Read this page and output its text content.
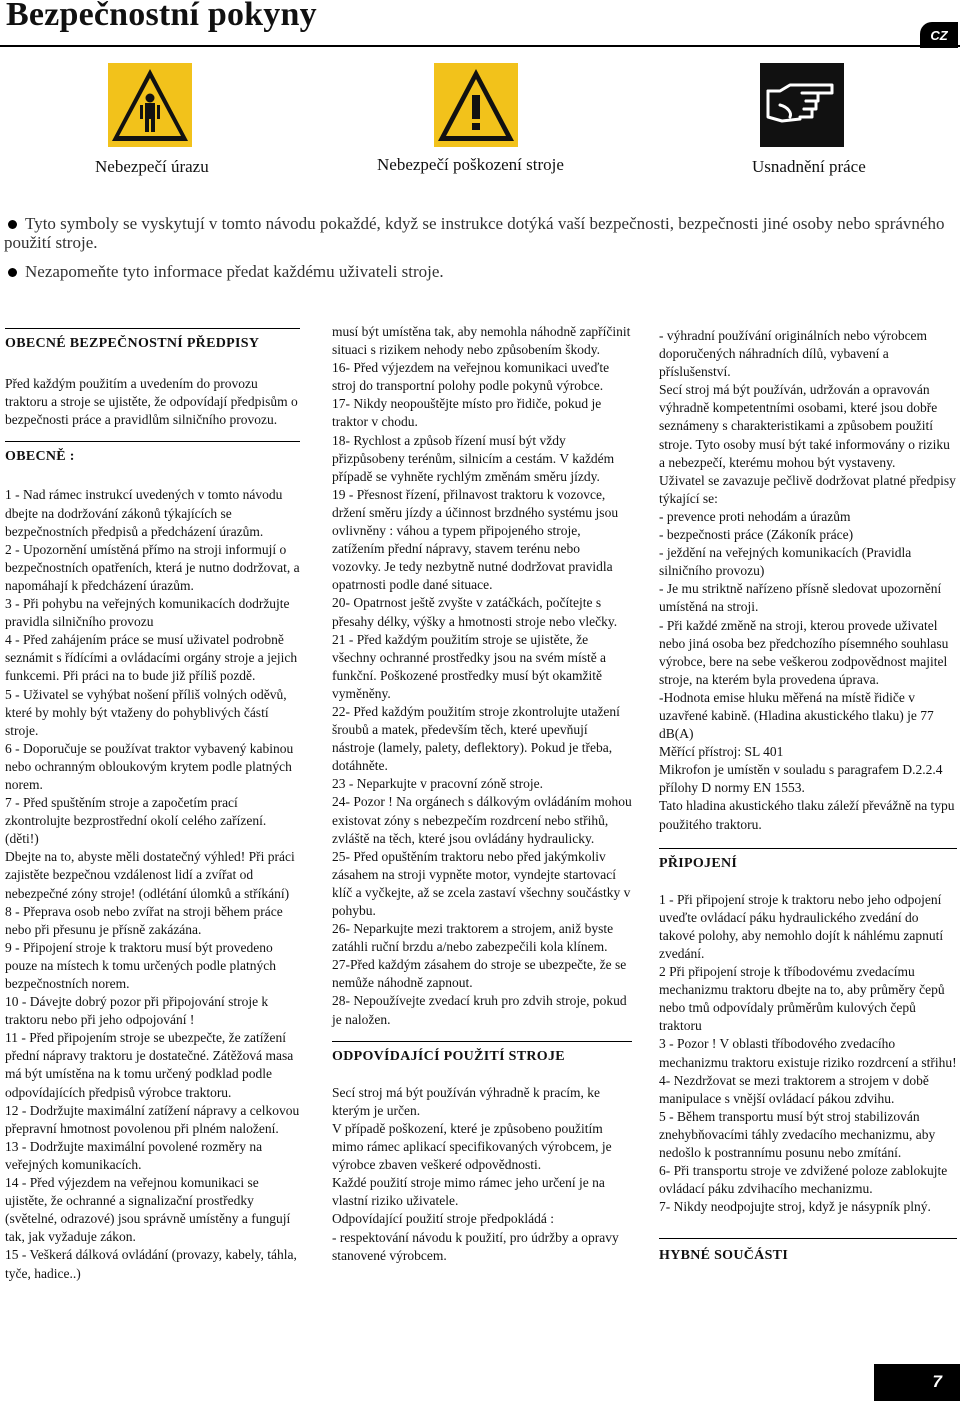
Bezpečnostní pokyny
CZ
Nebezpečí úrazu	Nebezpečí poškození stroje	Usnadnění práce
Tyto symboly se vyskytují v tomto návodu pokaždé, když se instrukce dotýká vaší bezpečnosti, bezpečnosti jiné osoby nebo správného použití stroje.
Nezapomeňte tyto informace předat každému uživateli stroje.
OBECNÉ BEZPEČNOSTNÍ PŘEDPISY

Před každým použitím a uvedením do provozu traktoru a stroje se ujistěte, že odpovídají předpisům o bezpečnosti práce a pravidlům silničního provozu.

OBECNĚ :

1 - Nad rámec instrukcí uvedených v tomto návodu dbejte na dodržování zákonů týkajících se bezpečnostních předpisů a předcházení úrazům.

2 - Upozornění umístěná přímo na stroji informují o bezpečnostních opatřeních, která je nutno dodržovat, a napomáhají k předcházení úrazům.

3 - Při pohybu na veřejných komunikacích dodržujte pravidla silničního provozu

4 - Před zahájením práce se musí uživatel podrobně seznámit s řídícími a ovládacími orgány stroje a jejich funkcemi. Při práci na to bude již příliš pozdě.

5 - Uživatel se vyhýbat nošení příliš volných oděvů, které by mohly být vtaženy do pohyblivých částí stroje.

6 - Doporučuje se používat traktor vybavený kabinou nebo ochranným obloukovým krytem podle platných norem.

7 - Před spuštěním stroje a započetím prací zkontrolujte bezprostřední okolí celého zařízení. (děti!)

Dbejte na to, abyste měli dostatečný výhled! Při práci zajistěte bezpečnou vzdálenost lidí a zvířat od nebezpečné zóny stroje! (odlétání úlomků a stříkání)

8 - Přeprava osob nebo zvířat na stroji během práce nebo při přesunu je přísně zakázána.

9 - Připojení stroje k traktoru musí být provedeno pouze na místech k tomu určených podle platných bezpečnostních norem.

10 - Dávejte dobrý pozor při připojování stroje k traktoru nebo při jeho odpojování !

11 - Před připojením stroje se ubezpečte, že zatížení přední nápravy traktoru je dostatečné. Zátěžová masa má být umístěna na k tomu určený podklad podle odpovídajících předpisů výrobce traktoru.

12 - Dodržujte maximální zatížení nápravy a celkovou přepravní hmotnost povolenou při plném naložení.

13 - Dodržujte maximální povolené rozměry na veřejných komunikacích.

14 - Před výjezdem na veřejnou komunikaci se ujistěte, že ochranné a signalizační prostředky (světelné, odrazové) jsou správně umístěny a fungují tak, jak vyžaduje zákon.

15 - Veškerá dálková ovládání (provazy, kabely, táhla, tyče, hadice..)

musí být umístěna tak, aby nemohla náhodně zapříčinit situaci s rizikem nehody nebo způsobením škody.

16- Před výjezdem na veřejnou komunikaci uveďte stroj do transportní polohy podle pokynů výrobce.

17- Nikdy neopouštějte místo pro řidiče, pokud je traktor v chodu.

18- Rychlost a způsob řízení musí být vždy přizpůsobeny terénům, silnicím a cestám. V každém případě se vyhněte rychlým změnám směru jízdy.

19 - Přesnost řízení, přilnavost traktoru k vozovce, držení směru jízdy a účinnost brzdného systému jsou ovlivněny : váhou a typem připojeného stroje, zatížením přední nápravy, stavem terénu nebo vozovky. Je tedy nezbytně nutné dodržovat pravidla opatrnosti podle dané situace.

20- Opatrnost ještě zvyšte v zatáčkách, počítejte s přesahy délky, výšky a hmotnosti stroje nebo vlečky.

21 - Před každým použitím stroje se ujistěte, že všechny ochranné prostředky jsou na svém místě a funkční. Poškozené prostředky musí být okamžitě vyměněny.

22- Před každým použitím stroje zkontrolujte utažení šroubů a matek, především těch, které upevňují nástroje (lamely, palety, deflektory). Pokud je třeba, dotáhněte.

23 - Neparkujte v pracovní zóně stroje.

24- Pozor ! Na orgánech s dálkovým ovládáním mohou existovat zóny s nebezpečím rozdrcení nebo střihů, zvláště na těch, které jsou ovládány hydraulicky.

25- Před opuštěním traktoru nebo před jakýmkoliv zásahem na stroji vypněte motor, vyndejte startovací klíč a vyčkejte, až se zcela zastaví všechny součástky v pohybu.

26- Neparkujte mezi traktorem a strojem, aniž byste zatáhli ruční brzdu a/nebo zabezpečili kola klínem.

27-Před každým zásahem do stroje se ubezpečte, že se nemůže náhodně zapnout.

28- Nepoužívejte zvedací kruh pro zdvih stroje, pokud je naložen.

ODPOVÍDAJÍCÍ POUŽITÍ STROJE

Secí stroj má být používán výhradně k pracím, ke kterým je určen.

V případě poškození, které je způsobeno použitím mimo rámec aplikací specifikovaných výrobcem, je výrobce zbaven veškeré odpovědnosti.

Každé použití stroje mimo rámec jeho určení je na vlastní riziko uživatele.

Odpovídající použití stroje předpokládá :

- respektování návodu k použití, pro údržby a opravy stanovené výrobcem.

- výhradní používání originálních nebo výrobcem doporučených náhradních dílů, vybavení a příslušenství.

Secí stroj má být používán, udržován a opravován výhradně kompetentními osobami, které jsou dobře seznámeny s charakteristikami a způsobem použití stroje. Tyto osoby musí být také informovány o riziku a nebezpečí, kterému mohou být vystaveny.

Uživatel se zavazuje pečlivě dodržovat platné předpisy týkající se:

- prevence proti nehodám a úrazům

- bezpečnosti práce (Zákoník práce)

- ježdění na veřejných komunikacích (Pravidla silničního provozu)

- Je mu striktně nařízeno přísně sledovat upozornění umístěná na stroji.

- Při každé změně na stroji, kterou provede uživatel nebo jiná osoba bez předchozího písemného souhlasu výrobce, bere na sebe veškerou zodpovědnost majitel stroje, na kterém byla provedena úprava.

-Hodnota emise hluku měřená na místě řidiče v uzavřené kabině. (Hladina akustického tlaku) je 77 dB(A)

Měřící přístroj: SL 401

Mikrofon je umístěn v souladu s paragrafem D.2.2.4 přílohy D normy EN 1553.

Tato hladina akustického tlaku záleží převážně na typu použitého traktoru.

PŘIPOJENÍ

1 - Při připojení stroje k traktoru nebo jeho odpojení uveďte ovládací páku hydraulického zvedání do takové polohy, aby nemohlo dojít k náhlému zapnutí zvedání.

2 Při připojení stroje k tříbodovému zvedacímu mechanizmu traktoru dbejte na to, aby průměry čepů nebo tmů odpovídaly průměrům kulových čepů traktoru

3 - Pozor ! V oblasti tříbodového zvedacího mechanizmu traktoru existuje riziko rozdrcení a střihu!

4- Nezdržovat se mezi traktorem a strojem v době manipulace s vnější ovládací pákou zdvihu.

5 - Během transportu musí být stroj stabilizován znehybňovacími táhly zvedacího mechanizmu, aby nedošlo k postrannímu posunu nebo zmítání.

6- Při transportu stroje ve zdvižené poloze zablokujte ovládací páku zdvihacího mechanizmu.

7- Nikdy neodpojujte stroj, když je násypník plný.

HYBNÉ SOUČÁSTI
7
